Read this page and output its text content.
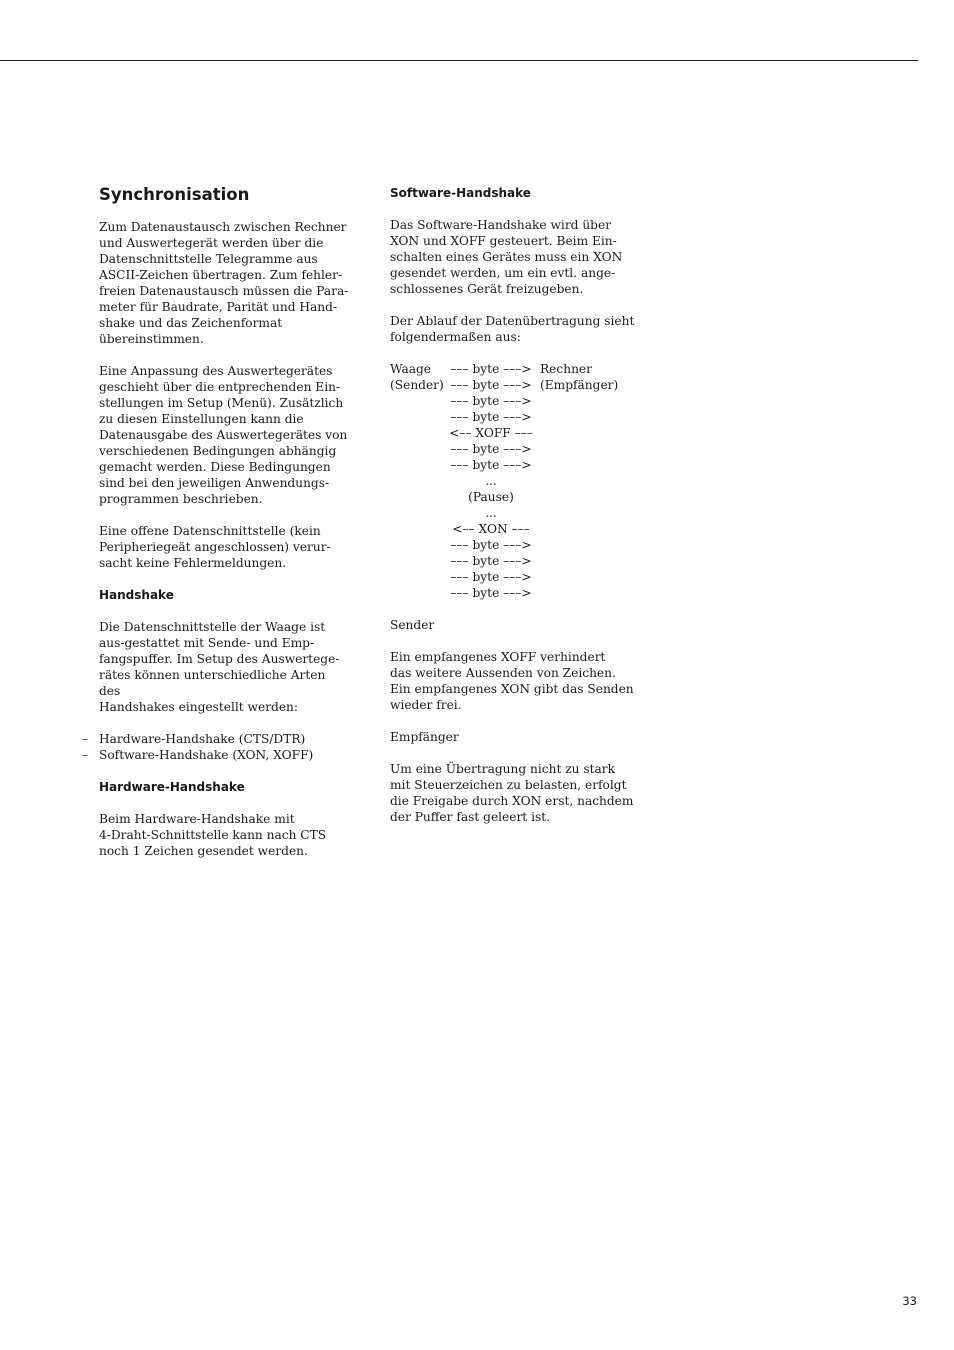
Synchronisation

Zum Datenaustausch zwischen Rechner
und Auswertegerät werden über die
Datenschnittstelle Telegramme aus
ASCII-Zeichen übertragen. Zum fehler-
freien Datenaustausch müssen die Para-
meter für Baudrate, Parität und Hand-
shake und das Zeichenformat
übereinstimmen.

Eine Anpassung des Auswertegerätes
geschieht über die entprechenden Ein-
stellungen im Setup (Menü). Zusätzlich
zu diesen Einstellungen kann die
Datenausgabe des Auswertegerätes von
verschiedenen Bedingungen abhängig
gemacht werden. Diese Bedingungen
sind bei den jeweiligen Anwendungs-
programmen beschrieben.

Eine offene Datenschnittstelle (kein
Peripheriegeät angeschlossen) verur-
sacht keine Fehlermeldungen.

Handshake

Die Datenschnittstelle der Waage ist
aus-gestattet mit Sende- und Emp-
fangspuffer. Im Setup des Auswertege-
rätes können unterschiedliche Arten des
Handshakes eingestellt werden:

– Hardware-Handshake (CTS/DTR)
– Software-Handshake (XON, XOFF)
Hardware-Handshake

Beim Hardware-Handshake mit
4-Draht-Schnittstelle kann nach CTS
noch 1 Zeichen gesendet werden.

Software-Handshake

Das Software-Handshake wird über
XON und XOFF gesteuert. Beim Ein-
schalten eines Gerätes muss ein XON
gesendet werden, um ein evtl. ange-
schlossenes Gerät freizugeben.

Der Ablauf der Datenübertragung sieht
folgendermaßen aus:

Waage ––– byte –––> Rechner
(Sender) ––– byte –––> (Empfänger)
––– byte –––>
––– byte –––>
<–– XOFF –––
––– byte –––>
––– byte –––>
...
(Pause)
...
<–– XON –––
––– byte –––>
––– byte –––>
––– byte –––>
––– byte –––>

Sender

Ein empfangenes XOFF verhindert
das weitere Aussenden von Zeichen.
Ein empfangenes XON gibt das Senden
wieder frei.

Empfänger

Um eine Übertragung nicht zu stark
mit Steuerzeichen zu belasten, erfolgt
die Freigabe durch XON erst, nachdem
der Puffer fast geleert ist.

33
